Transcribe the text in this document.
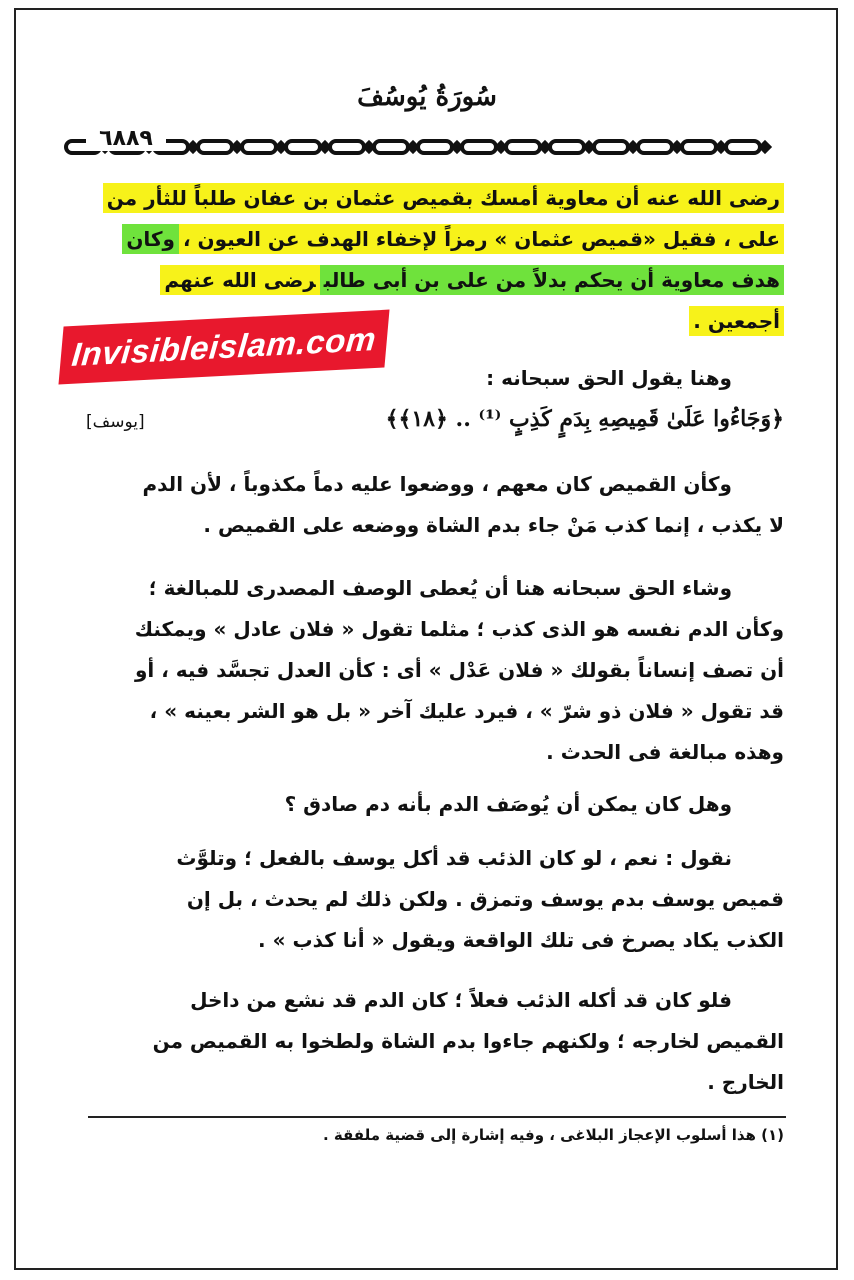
سُورَةُ يُوسُفَ
٦٨٨٩
رضى الله عنه أن معاوية أمسك بقميص عثمان بن عفان طلباً للثأر من
على ، فقيل «قميص عثمان » رمزاً لإخفاء الهدف عن العيون ،وكان
هدف معاوية أن يحكم بدلاً من على بن أبى طالبرضى الله عنهم
أجمعين .
Invisibleislam.com
وهنا يقول الحق سبحانه :
﴿وَجَاءُوا عَلَىٰ قَمِيصِهِ بِدَمٍ كَذِبٍ ⁽¹⁾ .. ﴿١٨﴾﴾
[يوسف]
وكأن القميص كان معهم ، ووضعوا عليه دماً مكذوباً ، لأن الدم
لا يكذب ، إنما كذب مَنْ جاء بدم الشاة ووضعه على القميص .
وشاء الحق سبحانه هنا أن يُعطى الوصف المصدرى للمبالغة ؛
وكأن الدم نفسه هو الذى كذب ؛ مثلما تقول « فلان عادل » ويمكنك
أن تصف إنساناً بقولك « فلان عَدْل » أى : كأن العدل تجسَّد فيه ، أو
قد تقول « فلان ذو شرّ » ، فيرد عليك آخر « بل هو الشر بعينه » ،
وهذه مبالغة فى الحدث .
وهل كان يمكن أن يُوصَف الدم بأنه دم صادق ؟
نقول : نعم ، لو كان الذئب قد أكل يوسف بالفعل ؛ وتلوَّث
قميص يوسف بدم يوسف وتمزق . ولكن ذلك لم يحدث ، بل إن
الكذب يكاد يصرخ فى تلك الواقعة ويقول « أنا كذب » .
فلو كان قد أكله الذئب فعلاً ؛ كان الدم قد نشع من داخل
القميص لخارجه ؛ ولكنهم جاءوا بدم الشاة ولطخوا به القميص من
الخارج .
(١) هذا أسلوب الإعجاز البلاغى ، وفيه إشارة إلى قضية ملفقة .
